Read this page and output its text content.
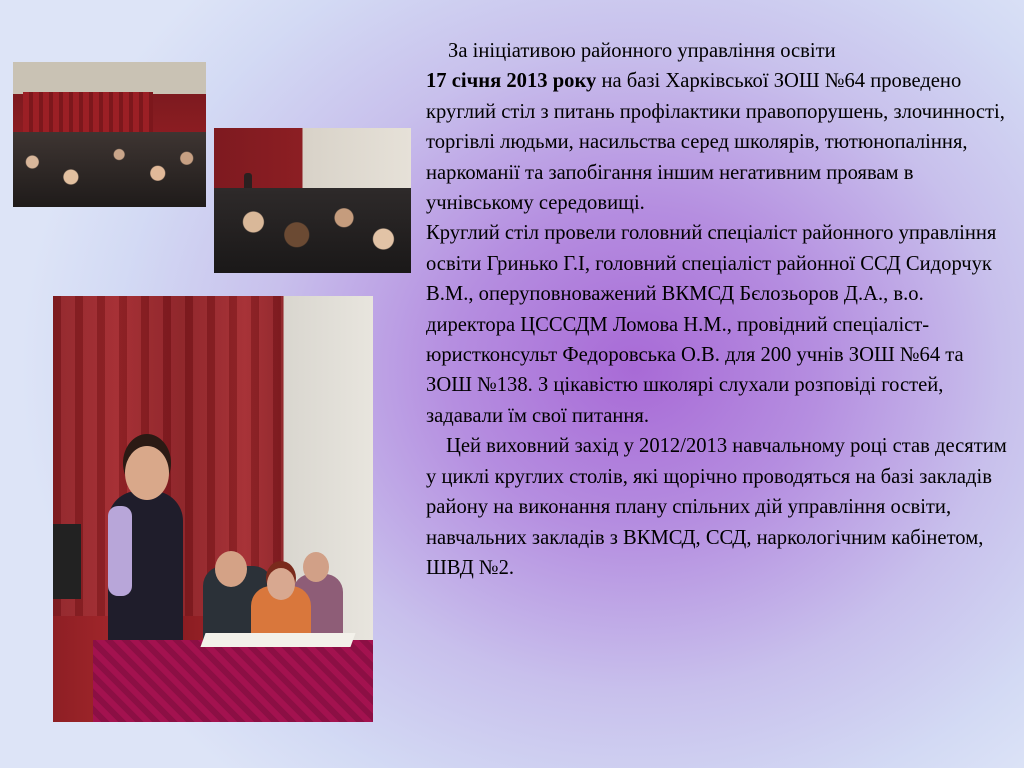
За ініціативою районного управління освіти
17 січня 2013 року на базі Харківської ЗОШ №64 проведено круглий стіл з питань профілактики правопорушень, злочинності, торгівлі людьми, насильства серед школярів, тютюнопаління, наркоманії та запобігання іншим негативним проявам в учнівському середовищі.

Круглий стіл провели головний спеціаліст районного управління освіти Гринько Г.І, головний спеціаліст районної ССД Сидорчук В.М., оперуповноважений ВКМСД Бєлозьоров Д.А., в.о. директора ЦСССДМ Ломова Н.М., провідний спеціаліст-юристконсульт Федоровська О.В. для 200 учнів ЗОШ №64 та ЗОШ №138. З цікавістю школярі слухали розповіді гостей, задавали їм свої питання.

Цей виховний захід у 2012/2013 навчальному році став десятим у циклі круглих столів, які щорічно проводяться на базі закладів району на виконання плану спільних дій управління освіти, навчальних закладів з ВКМСД, ССД, наркологічним кабінетом, ШВД №2.
